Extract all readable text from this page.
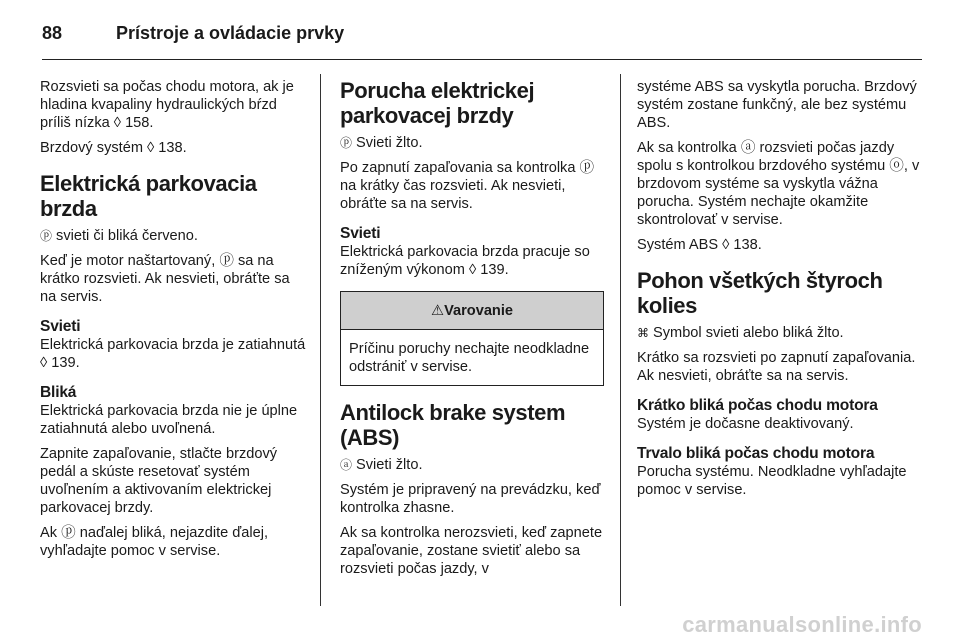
88	Prístroje a ovládacie prvky

Rozsvieti sa počas chodu motora, ak je hladina kvapaliny hydraulických bŕzd príliš nízka ◊ 158.

Brzdový systém ◊ 138.

Elektrická parkovacia brzda

ⓟ svieti či bliká červeno.

Keď je motor naštartovaný, ⓟ sa na krátko rozsvieti. Ak nesvieti, obráťte sa na servis.

Svieti

Elektrická parkovacia brzda je zatiahnutá ◊ 139.

Bliká

Elektrická parkovacia brzda nie je úplne zatiahnutá alebo uvoľnená.

Zapnite zapaľovanie, stlačte brzdový pedál a skúste resetovať systém uvoľnením a aktivovaním elektrickej parkovacej brzdy.

Ak ⓟ naďalej bliká, nejazdite ďalej, vyhľadajte pomoc v servise.

Porucha elektrickej parkovacej brzdy

ⓟ Svieti žlto.

Po zapnutí zapaľovania sa kontrolka ⓟ na krátky čas rozsvieti. Ak nesvieti, obráťte sa na servis.

Svieti

Elektrická parkovacia brzda pracuje so zníženým výkonom ◊ 139.

⚠Varovanie
Príčinu poruchy nechajte neodkladne odstrániť v servise.
Antilock brake system (ABS)

ⓐ Svieti žlto.

Systém je pripravený na prevádzku, keď kontrolka zhasne.

Ak sa kontrolka nerozsvieti, keď zapnete zapaľovanie, zostane svietiť alebo sa rozsvieti počas jazdy, v

systéme ABS sa vyskytla porucha. Brzdový systém zostane funkčný, ale bez systému ABS.

Ak sa kontrolka ⓐ rozsvieti počas jazdy spolu s kontrolkou brzdového systému ⓞ, v brzdovom systéme sa vyskytla vážna porucha. Systém nechajte okamžite skontrolovať v servise.

Systém ABS ◊ 138.

Pohon všetkých štyroch kolies

⌘ Symbol svieti alebo bliká žlto.

Krátko sa rozsvieti po zapnutí zapaľovania. Ak nesvieti, obráťte sa na servis.

Krátko bliká počas chodu motora

Systém je dočasne deaktivovaný.

Trvalo bliká počas chodu motora

Porucha systému. Neodkladne vyhľadajte pomoc v servise.

carmanualsonline.info
